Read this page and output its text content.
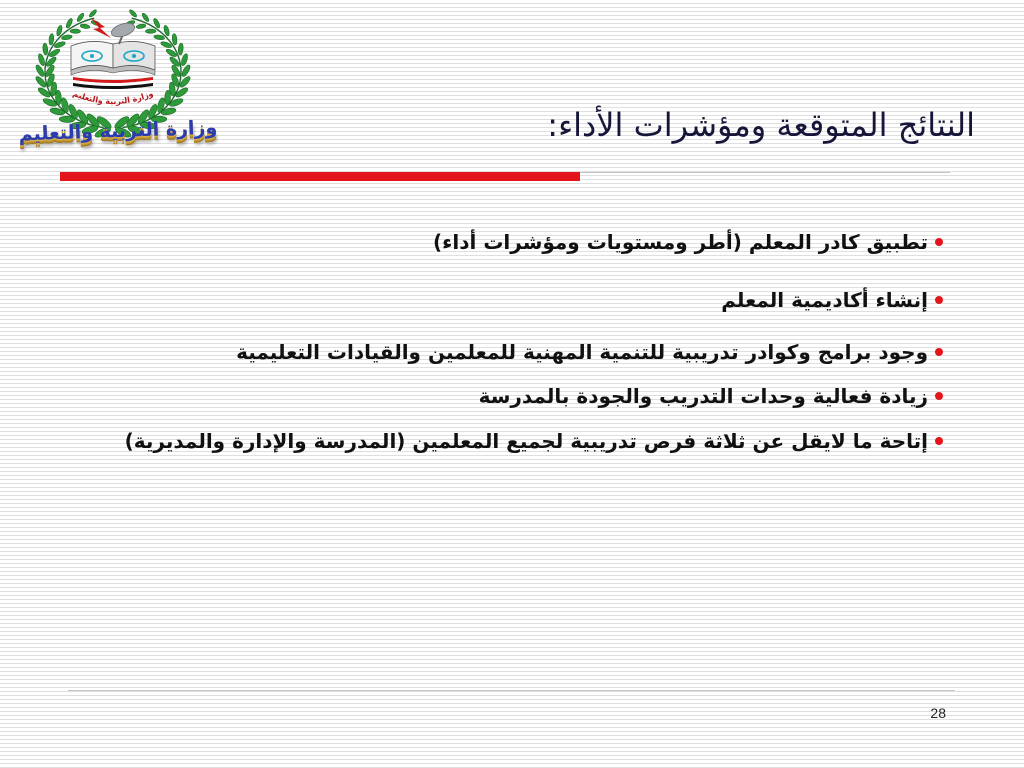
وزارة التربية والتعليم
وزارة التربية والتعليم	النتائج المتوقعة ومؤشرات الأداء:
تطبيق كادر المعلم (أطر ومستويات ومؤشرات أداء)
إنشاء أكاديمية المعلم
وجود برامج وكوادر تدريبية للتنمية المهنية للمعلمين والقيادات التعليمية
زيادة فعالية وحدات التدريب والجودة بالمدرسة
إتاحة ما لايقل عن ثلاثة فرص تدريبية لجميع المعلمين (المدرسة والإدارة والمديرية)
28
